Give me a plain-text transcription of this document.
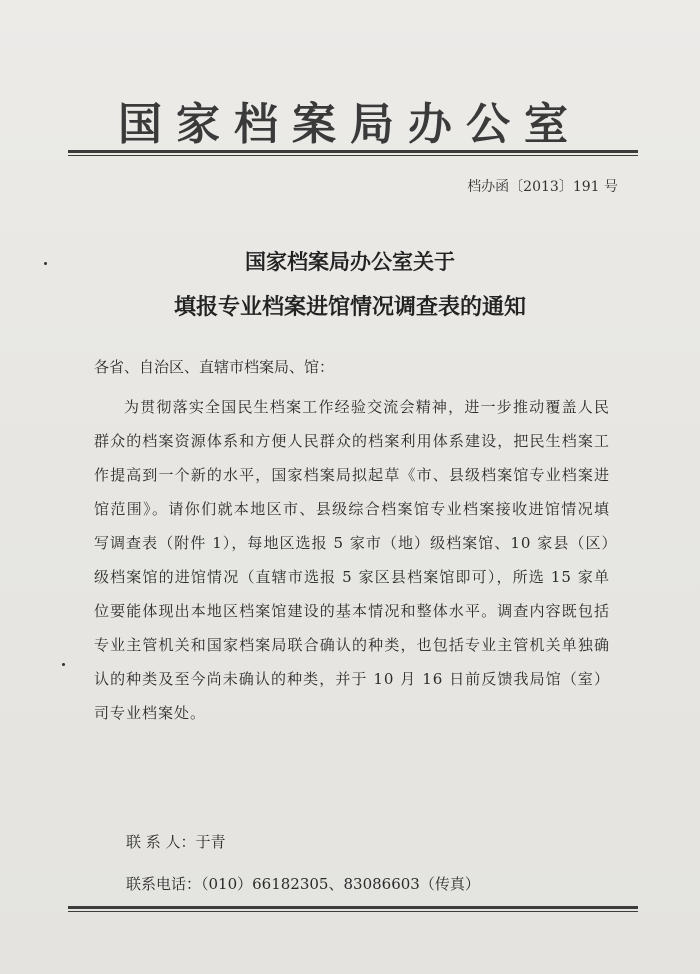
国家档案局办公室
档办函〔2013〕191 号
国家档案局办公室关于
填报专业档案进馆情况调查表的通知
各省、自治区、直辖市档案局、馆：

为贯彻落实全国民生档案工作经验交流会精神，进一步推动覆盖人民群众的档案资源体系和方便人民群众的档案利用体系建设，把民生档案工作提高到一个新的水平，国家档案局拟起草《市、县级档案馆专业档案进馆范围》。请你们就本地区市、县级综合档案馆专业档案接收进馆情况填写调查表（附件 1），每地区选报 5 家市（地）级档案馆、10 家县（区）级档案馆的进馆情况（直辖市选报 5 家区县档案馆即可），所选 15 家单位要能体现出本地区档案馆建设的基本情况和整体水平。调查内容既包括专业主管机关和国家档案局联合确认的种类，也包括专业主管机关单独确认的种类及至今尚未确认的种类，并于 10 月 16 日前反馈我局馆（室）司专业档案处。

联 系 人：于青
联系电话：（010）66182305、83086603（传真）
